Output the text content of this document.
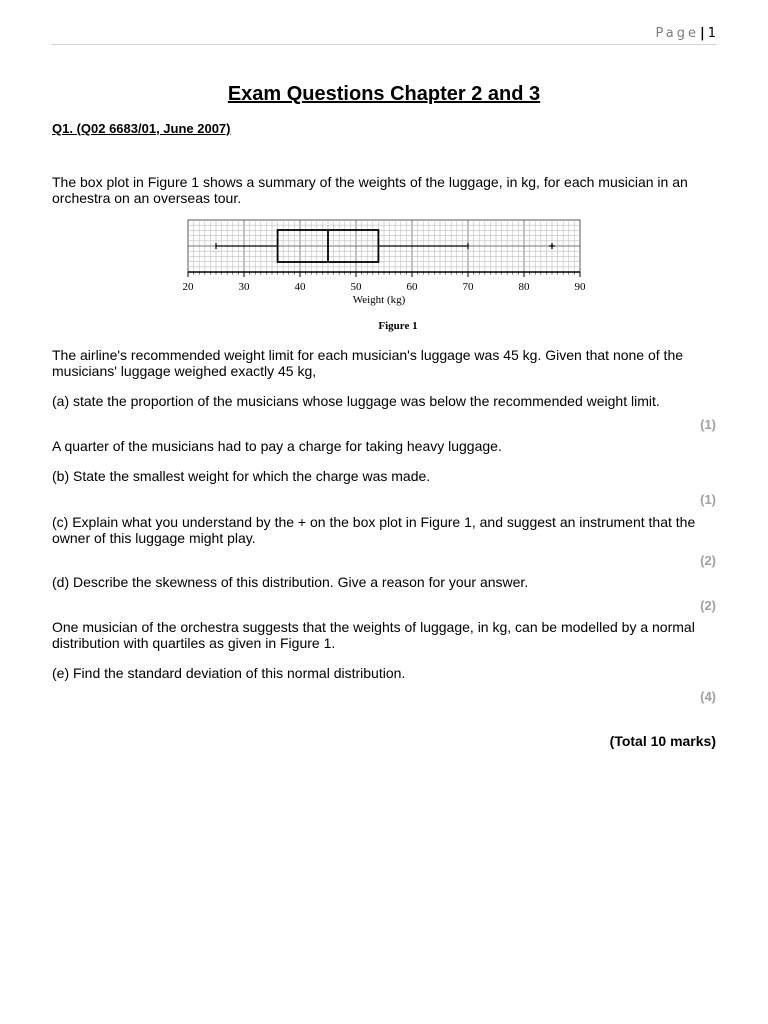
Page| 1
Exam Questions Chapter 2 and 3
Q1. (Q02 6683/01, June 2007)

The box plot in Figure 1 shows a summary of the weights of the luggage, in kg, for each musician in an orchestra on an overseas tour.

The airline's recommended weight limit for each musician's luggage was 45 kg. Given that none of the musicians' luggage weighed exactly 45 kg,

(a) state the proportion of the musicians whose luggage was below the recommended weight limit.

(1)

A quarter of the musicians had to pay a charge for taking heavy luggage.

(b) State the smallest weight for which the charge was made.

(1)

(c) Explain what you understand by the + on the box plot in Figure 1, and suggest an instrument that the owner of this luggage might play.

(2)

(d) Describe the skewness of this distribution. Give a reason for your answer.

(2)

One musician of the orchestra suggests that the weights of luggage, in kg, can be modelled by a normal distribution with quartiles as given in Figure 1.

(e) Find the standard deviation of this normal distribution.

(4)

(Total 10 marks)

20	30	40	50	60	70	80	90
Weight (kg)
Figure 1
